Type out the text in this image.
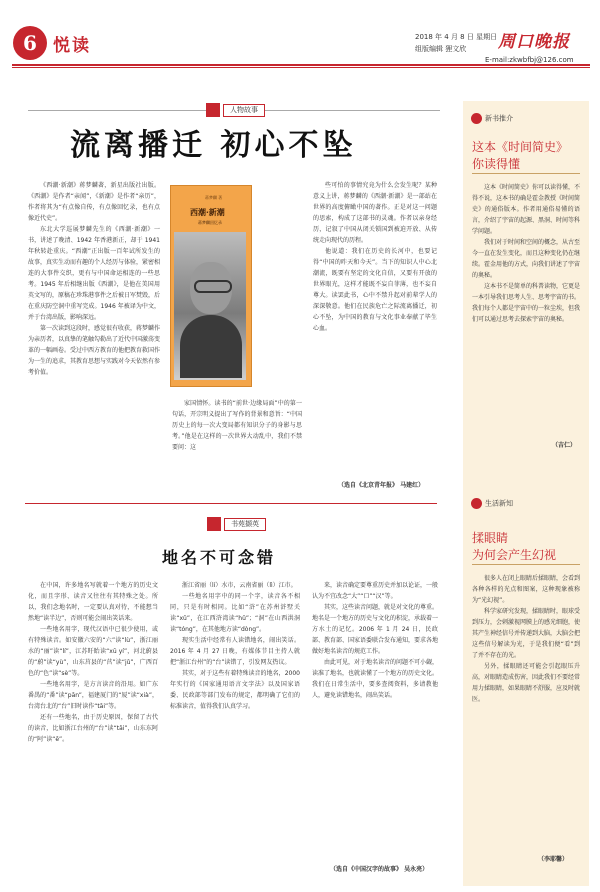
6 悦读	2018 年 4 月 8 日 星期日
组版编辑 狸文欣
E-mail:zkwbfbj@126.com
周口晚报
人物故事
流离播迁 初心不坠

《西潮·新潮》蒋梦麟著，新星出版社出版。《西潮》是作者“亲闻”，《新潮》是作者“亲历”，作者将其为“有点像自传，有点像回忆录，也有点像近代史”。

东北大学巡展梦麟先生的《西潮·新潮》一书，讲述了晚清、1942 年香港新正，却于 1941 年秋转赴重庆。“西潮”正出版一百年试所发生的故事，真实生动而有趣的个人经历与体验，紧密相连的大事件交织，更有与中国命运相连的一些思考。1945 年后相继出版《西潮》，是他在美国用英文写的，原稿在珍珠港事件之后被日军焚毁，后在重庆防空洞中重写完成。1946 年被译为中文，并于台湾出版，影响深远。

第一次读到这段时，感觉很有收获，蒋梦麟作为亲历者，以真挚的笔触勾勒出了近代中国激荡变革的一幅画卷。受过中西方教育的他把教育救国作为一生的追求，其教育思想与实践对今天依然有参考价值。

蒋梦麟 著
西潮·新潮
蒋梦麟回忆录

家国情怀。读书的“前世·边缘局面”中的第一句话，开宗明义提出了写作的背景和意旨：“中国历史上的每一次大变局都有知识分子的身影与思考。”他是在这样的一次世界大动乱中，我们不禁要问：这

些可怕的事情究竟为什么会发生呢？某种意义上讲，蒋梦麟的《西潮·新潮》是一部站在世界的高度俯瞰中国的著作。正是对这一问题的思索，构成了这部书的灵魂。作者以亲身经历，记叙了中国从闭关锁国到被迫开放、从传统走向现代的历程。

他说道：我们在历史的长河中，也要记得“中国的昨天和今天”。当下的知识人中心北潮流，既要有坚定的文化自信，又要有开放的世界眼光，这样才能既不妄自菲薄，也不妄自尊大。读罢此书，心中不禁升起对前辈学人的深深敬意。他们在民族危亡之际流离播迁，初心不坠，为中国的教育与文化事业奉献了毕生心血。

（选自《北京青年报》 马建红）
书苑撷英
地名不可念错

在中国，许多地名写就着一个地方的历史文化，而且字形、读音又往往有其特殊之处。所以，我们念地名时，一定要认真对待，不能想当然地“读半边”，否则可能会闹出笑话来。

一些地名用字，现代汉语中已很少使用，或有特殊读音。如安徽六安的“六”读“lù”，浙江丽水的“丽”读“lí”，江苏盱眙读“xū yí”，河北蔚县的“蔚”读“yù”，山东莒县的“莒”读“jǔ”，广西百色的“色”读“sè”等。

一些地名用字，是方言读音的沿用。如广东番禺的“番”读“pān”，福建厦门的“厦”读“xià”，台湾台北的“台”旧时读作“tāi”等。

还有一些地名，由于历史原因，保留了古代的读音，比如浙江台州的“台”读“tāi”，山东东阿的“阿”读“ē”。

浙江省丽（lí）水市，云南省丽（lì）江市。

一些地名用字中的同一个字，读音各不相同，只是有时相同。比如“浒”在苏州浒墅关读“xǔ”，在江西浒湾读“hǔ”；“洞”在山西洪洞读“tóng”，在其他地方读“dòng”。

现实生活中经常有人读错地名，闹出笑话。2016 年 4 月 27 日晚，有媒体节目主持人就把“浙江台州”的“台”读错了，引发网友热议。

其实，对于这些有着特殊读音的地名，2000 年实行的《国家通用语言文字法》以及国家语委、民政部等部门发布的规定，都明确了它们的标准读音，值得我们认真学习。

来，读音确定要尊重历史并加以论证，一般认为不宜改念“大”“口”“汉”等。

其实，这些读音问题，就是对文化的尊重。地名是一个地方的历史与文化的积淀，承载着一方水土的记忆。2006 年 1 月 24 日，民政部、教育部、国家语委联合发布通知，要求各地做好地名读音的规范工作。

由此可见，对于地名读音的问题不可小觑，读准了地名，也就读懂了一个地方的历史文化。我们在日常生活中，要多查阅资料，多请教他人，避免读错地名，闹出笑话。

（选自《中国汉字的故事》 吴永亮）
新书推介
这本《时间简史》
你读得懂

这本《时间简史》你可以读得懂，不得不说，这本书的确是霍金教授《时间简史》的通俗版本。作者用通俗易懂的语言，介绍了宇宙的起源、黑洞、时间等科学问题。

我们对于时间和空间的概念，从古至今一直在发生变化，而且这种变化仍在继续。霍金用他的方式，向我们讲述了宇宙的奥秘。

这本书不是简单的科普读物，它更是一本引导我们思考人生、思考宇宙的书。我们每个人都是宇宙中的一粒尘埃，但我们可以通过思考去探索宇宙的奥秘。

（吉仁）
生活新知
揉眼睛
为何会产生幻视

很多人在闭上眼睛后揉眼睛，会看到各种各样的光点和图案，这种现象被称为“光幻视”。

科学家研究发现，揉眼睛时，眼球受到压力，会刺激视网膜上的感光细胞，使其产生神经信号并传递到大脑，大脑会把这些信号解读为光，于是我们便“看”到了并不存在的光。

另外，揉眼睛还可能会引起眼压升高，对眼睛造成伤害，因此我们不要经常用力揉眼睛，如果眼睛不舒服，应及时就医。

（李耶馨）
